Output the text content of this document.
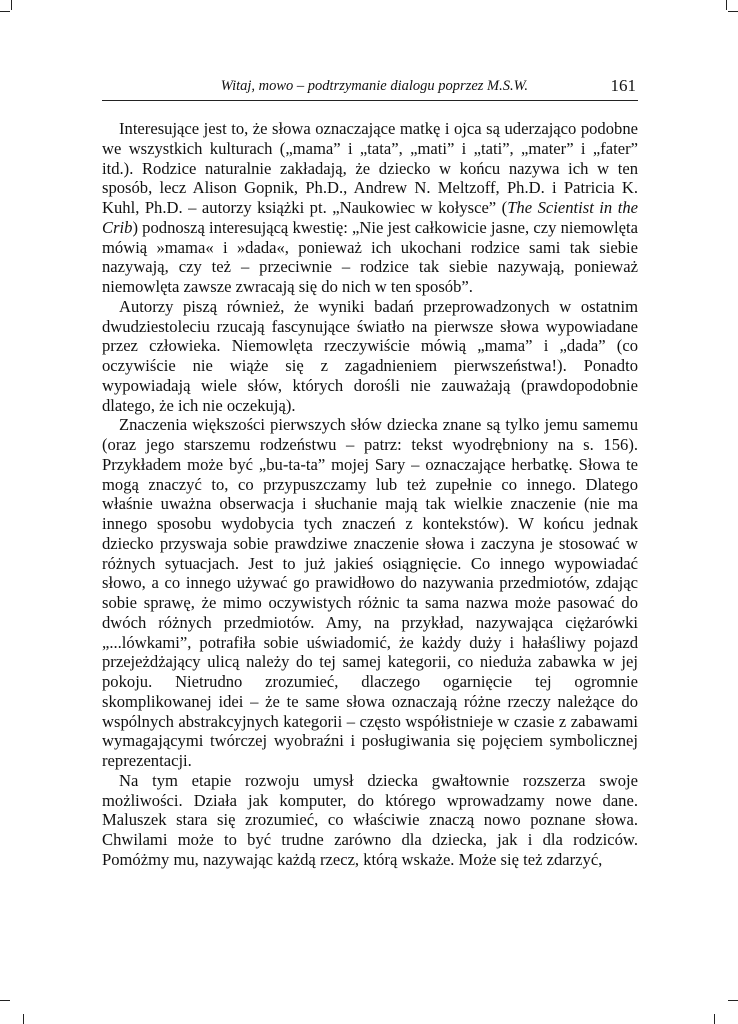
Witaj, mowo – podtrzymanie dialogu poprzez M.S.W.	161

Interesujące jest to, że słowa oznaczające matkę i ojca są uderzająco podobne we wszystkich kulturach („mama” i „tata”, „mati” i „tati”, „mater” i „fater” itd.). Rodzice naturalnie zakładają, że dziecko w końcu nazywa ich w ten sposób, lecz Alison Gopnik, Ph.D., Andrew N. Meltzoff, Ph.D. i Patricia K. Kuhl, Ph.D. – autorzy książki pt. „Naukowiec w kołysce” (The Scientist in the Crib) podnoszą interesującą kwestię: „Nie jest całkowicie jasne, czy niemowlęta mówią »mama« i »dada«, ponieważ ich ukochani rodzice sami tak siebie nazywają, czy też – przeciwnie – rodzice tak siebie nazywają, ponieważ niemowlęta zawsze zwracają się do nich w ten sposób”.

Autorzy piszą również, że wyniki badań przeprowadzonych w ostatnim dwudziestoleciu rzucają fascynujące światło na pierwsze słowa wypowiadane przez człowieka. Niemowlęta rzeczywiście mówią „mama” i „dada” (co oczywiście nie wiąże się z zagadnieniem pierwszeństwa!). Ponadto wypowiadają wiele słów, których dorośli nie zauważają (prawdopodobnie dlatego, że ich nie oczekują).

Znaczenia większości pierwszych słów dziecka znane są tylko jemu samemu (oraz jego starszemu rodzeństwu – patrz: tekst wyodrębniony na s. 156). Przykładem może być „bu-ta-ta” mojej Sary – oznaczające herbatkę. Słowa te mogą znaczyć to, co przypuszczamy lub też zupełnie co innego. Dlatego właśnie uważna obserwacja i słuchanie mają tak wielkie znaczenie (nie ma innego sposobu wydobycia tych znaczeń z kontekstów). W końcu jednak dziecko przyswaja sobie prawdziwe znaczenie słowa i zaczyna je stosować w różnych sytuacjach. Jest to już jakieś osiągnięcie. Co innego wypowiadać słowo, a co innego używać go prawidłowo do nazywania przedmiotów, zdając sobie sprawę, że mimo oczywistych różnic ta sama nazwa może pasować do dwóch różnych przedmiotów. Amy, na przykład, nazywająca ciężarówki „...lówkami”, potrafiła sobie uświadomić, że każdy duży i hałaśliwy pojazd przejeżdżający ulicą należy do tej samej kategorii, co nieduża zabawka w jej pokoju. Nietrudno zrozumieć, dlaczego ogarnięcie tej ogromnie skomplikowanej idei – że te same słowa oznaczają różne rzeczy należące do wspólnych abstrakcyjnych kategorii – często współistnieje w czasie z zabawami wymagającymi twórczej wyobraźni i posługiwania się pojęciem symbolicznej reprezentacji.

Na tym etapie rozwoju umysł dziecka gwałtownie rozszerza swoje możliwości. Działa jak komputer, do którego wprowadzamy nowe dane. Maluszek stara się zrozumieć, co właściwie znaczą nowo poznane słowa. Chwilami może to być trudne zarówno dla dziecka, jak i dla rodziców. Pomóżmy mu, nazywając każdą rzecz, którą wskaże. Może się też zdarzyć,
